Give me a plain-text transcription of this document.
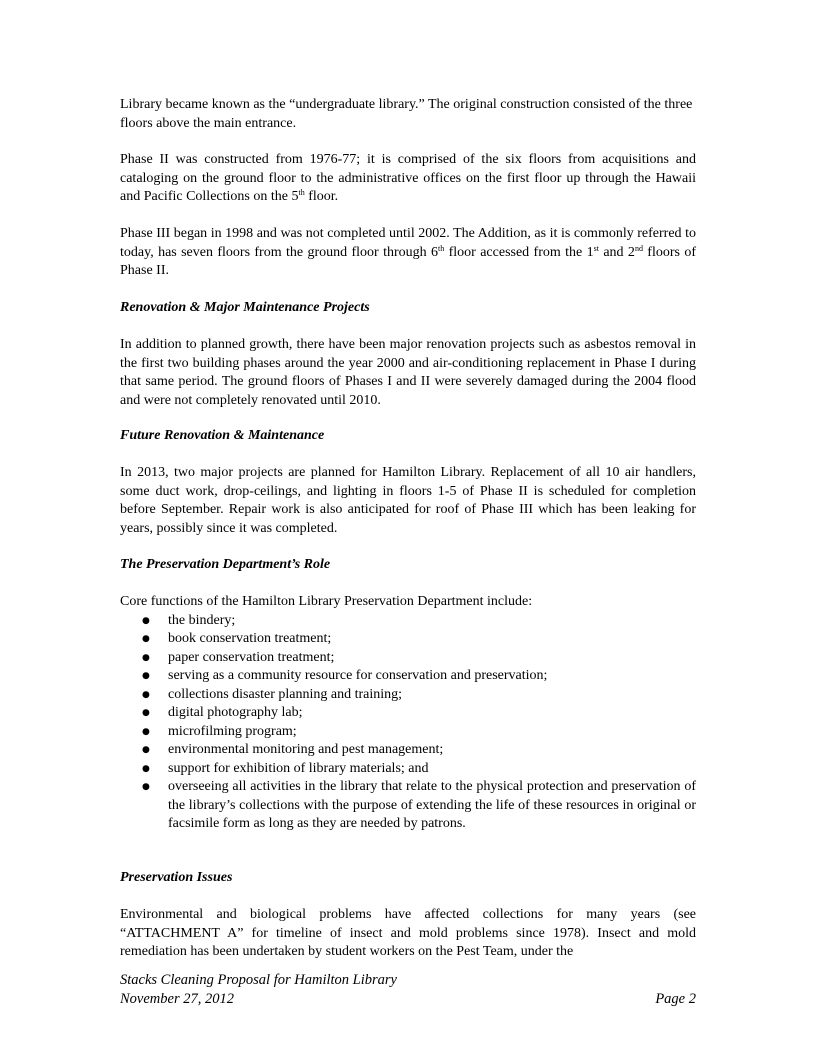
Library became known as the “undergraduate library.” The original construction consisted of the three floors above the main entrance.

Phase II was constructed from 1976-77; it is comprised of the six floors from acquisitions and cataloging on the ground floor to the administrative offices on the first floor up through the Hawaii and Pacific Collections on the 5th floor.

Phase III began in 1998 and was not completed until 2002. The Addition, as it is commonly referred to today, has seven floors from the ground floor through 6th floor accessed from the 1st and 2nd floors of Phase II.

Renovation & Major Maintenance Projects

In addition to planned growth, there have been major renovation projects such as asbestos removal in the first two building phases around the year 2000 and air-conditioning replacement in Phase I during that same period. The ground floors of Phases I and II were severely damaged during the 2004 flood and were not completely renovated until 2010.

Future Renovation & Maintenance

In 2013, two major projects are planned for Hamilton Library. Replacement of all 10 air handlers, some duct work, drop-ceilings, and lighting in floors 1-5 of Phase II is scheduled for completion before September. Repair work is also anticipated for roof of Phase III which has been leaking for years, possibly since it was completed.

The Preservation Department’s Role

Core functions of the Hamilton Library Preservation Department include:
● the bindery;
● book conservation treatment;
● paper conservation treatment;
● serving as a community resource for conservation and preservation;
● collections disaster planning and training;
● digital photography lab;
● microfilming program;
● environmental monitoring and pest management;
● support for exhibition of library materials; and
● overseeing all activities in the library that relate to the physical protection and preservation of the library’s collections with the purpose of extending the life of these resources in original or facsimile form as long as they are needed by patrons.

Preservation Issues

Environmental and biological problems have affected collections for many years (see “ATTACHMENT A” for timeline of insect and mold problems since 1978). Insect and mold remediation has been undertaken by student workers on the Pest Team, under the

Stacks Cleaning Proposal for Hamilton Library
November 27, 2012	Page 2
